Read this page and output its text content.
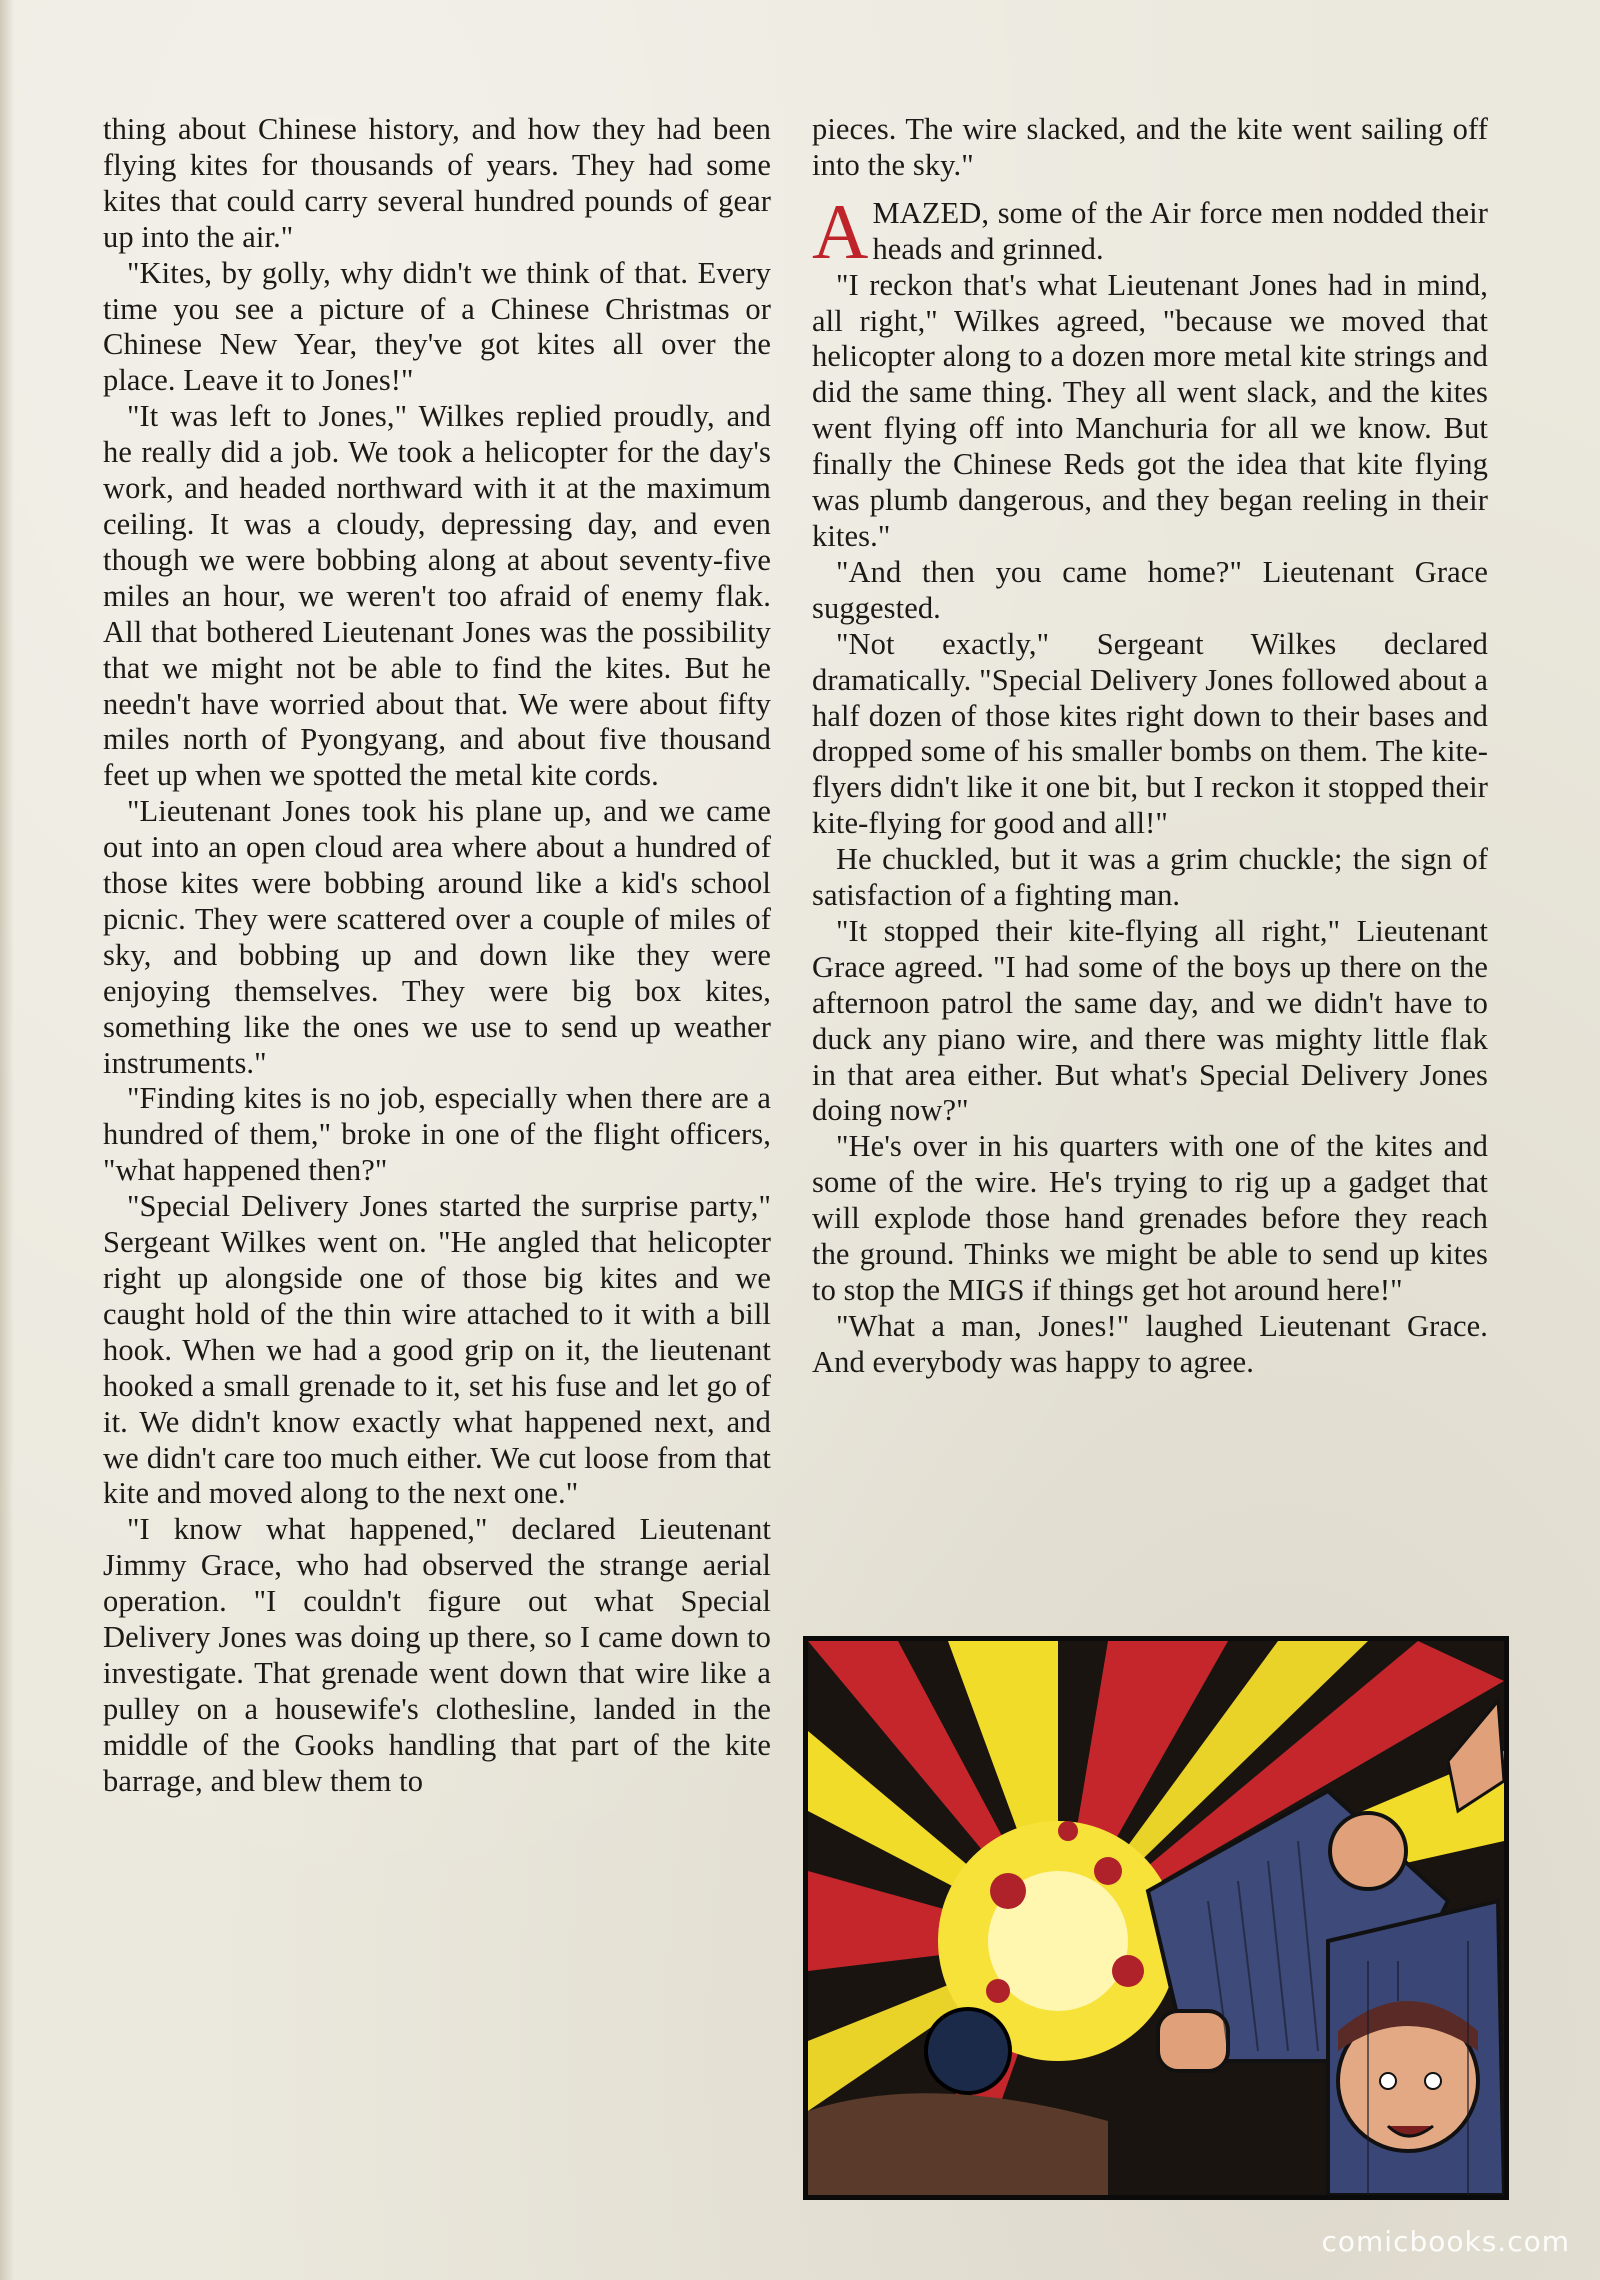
thing about Chinese history, and how they had been flying kites for thousands of years. They had some kites that could carry several hundred pounds of gear up into the air."

"Kites, by golly, why didn't we think of that. Every time you see a picture of a Chinese Christmas or Chinese New Year, they've got kites all over the place. Leave it to Jones!"

"It was left to Jones," Wilkes replied proudly, and he really did a job. We took a helicopter for the day's work, and headed northward with it at the maximum ceiling. It was a cloudy, depressing day, and even though we were bobbing along at about seventy-five miles an hour, we weren't too afraid of enemy flak. All that bothered Lieutenant Jones was the possibility that we might not be able to find the kites. But he needn't have worried about that. We were about fifty miles north of Pyongyang, and about five thousand feet up when we spotted the metal kite cords.

"Lieutenant Jones took his plane up, and we came out into an open cloud area where about a hundred of those kites were bobbing around like a kid's school picnic. They were scattered over a couple of miles of sky, and bobbing up and down like they were enjoying themselves. They were big box kites, something like the ones we use to send up weather instruments."

"Finding kites is no job, especially when there are a hundred of them," broke in one of the flight officers, "what happened then?"

"Special Delivery Jones started the surprise party," Sergeant Wilkes went on. "He angled that helicopter right up alongside one of those big kites and we caught hold of the thin wire attached to it with a bill hook. When we had a good grip on it, the lieutenant hooked a small grenade to it, set his fuse and let go of it. We didn't know exactly what happened next, and we didn't care too much either. We cut loose from that kite and moved along to the next one."

"I know what happened," declared Lieutenant Jimmy Grace, who had observed the strange aerial operation. "I couldn't figure out what Special Delivery Jones was doing up there, so I came down to investigate. That grenade went down that wire like a pulley on a housewife's clothesline, landed in the middle of the Gooks handling that part of the kite barrage, and blew them to

pieces. The wire slacked, and the kite went sailing off into the sky."

AMAZED, some of the Air force men nodded their heads and grinned.

"I reckon that's what Lieutenant Jones had in mind, all right," Wilkes agreed, "because we moved that helicopter along to a dozen more metal kite strings and did the same thing. They all went slack, and the kites went flying off into Manchuria for all we know. But finally the Chinese Reds got the idea that kite flying was plumb dangerous, and they began reeling in their kites."

"And then you came home?" Lieutenant Grace suggested.

"Not exactly," Sergeant Wilkes declared dramatically. "Special Delivery Jones followed about a half dozen of those kites right down to their bases and dropped some of his smaller bombs on them. The kite-flyers didn't like it one bit, but I reckon it stopped their kite-flying for good and all!"

He chuckled, but it was a grim chuckle; the sign of satisfaction of a fighting man.

"It stopped their kite-flying all right," Lieutenant Grace agreed. "I had some of the boys up there on the afternoon patrol the same day, and we didn't have to duck any piano wire, and there was mighty little flak in that area either. But what's Special Delivery Jones doing now?"

"He's over in his quarters with one of the kites and some of the wire. He's trying to rig up a gadget that will explode those hand grenades before they reach the ground. Thinks we might be able to send up kites to stop the MIGS if things get hot around here!"

"What a man, Jones!" laughed Lieutenant Grace. And everybody was happy to agree.

comicbooks.com
